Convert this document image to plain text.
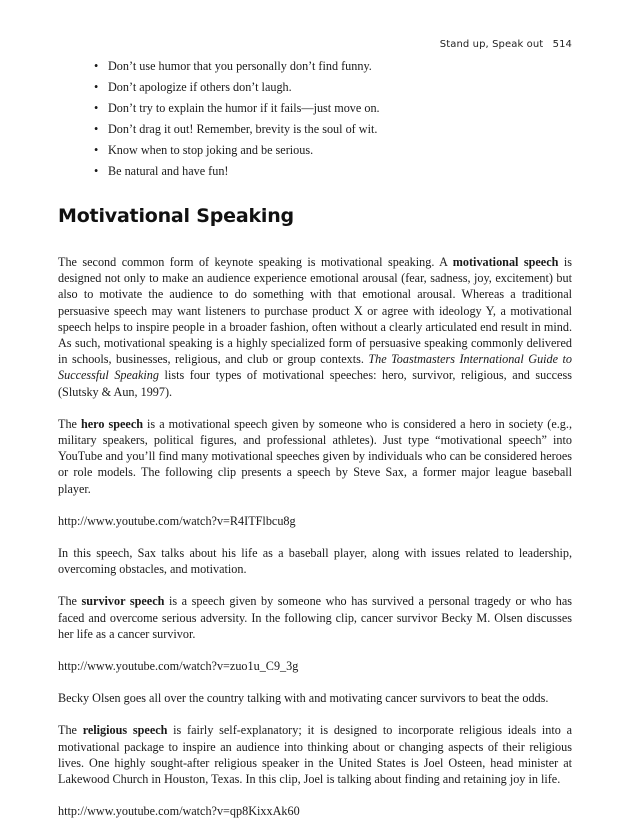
Stand up, Speak out 514
• Don’t use humor that you personally don’t find funny.
• Don’t apologize if others don’t laugh.
• Don’t try to explain the humor if it fails—just move on.
• Don’t drag it out! Remember, brevity is the soul of wit.
• Know when to stop joking and be serious.
• Be natural and have fun!
Motivational Speaking

The second common form of keynote speaking is motivational speaking. A motivational speech is designed not only to make an audience experience emotional arousal (fear, sadness, joy, excitement) but also to motivate the audience to do something with that emotional arousal. Whereas a traditional persuasive speech may want listeners to purchase product X or agree with ideology Y, a motivational speech helps to inspire people in a broader fashion, often without a clearly articulated end result in mind. As such, motivational speaking is a highly specialized form of persuasive speaking commonly delivered in schools, businesses, religious, and club or group contexts. The Toastmasters International Guide to Successful Speaking lists four types of motivational speeches: hero, survivor, religious, and success (Slutsky & Aun, 1997).

The hero speech is a motivational speech given by someone who is considered a hero in society (e.g., military speakers, political figures, and professional athletes). Just type “motivational speech” into YouTube and you’ll find many motivational speeches given by individuals who can be considered heroes or role models. The following clip presents a speech by Steve Sax, a former major league baseball player.

http://www.youtube.com/watch?v=R4ITFlbcu8g

In this speech, Sax talks about his life as a baseball player, along with issues related to leadership, overcoming obstacles, and motivation.

The survivor speech is a speech given by someone who has survived a personal tragedy or who has faced and overcome serious adversity. In the following clip, cancer survivor Becky M. Olsen discusses her life as a cancer survivor.

http://www.youtube.com/watch?v=zuo1u_C9_3g

Becky Olsen goes all over the country talking with and motivating cancer survivors to beat the odds.

The religious speech is fairly self-explanatory; it is designed to incorporate religious ideals into a motivational package to inspire an audience into thinking about or changing aspects of their religious lives. One highly sought-after religious speaker in the United States is Joel Osteen, head minister at Lakewood Church in Houston, Texas. In this clip, Joel is talking about finding and retaining joy in life.

http://www.youtube.com/watch?v=qp8KixxAk60
